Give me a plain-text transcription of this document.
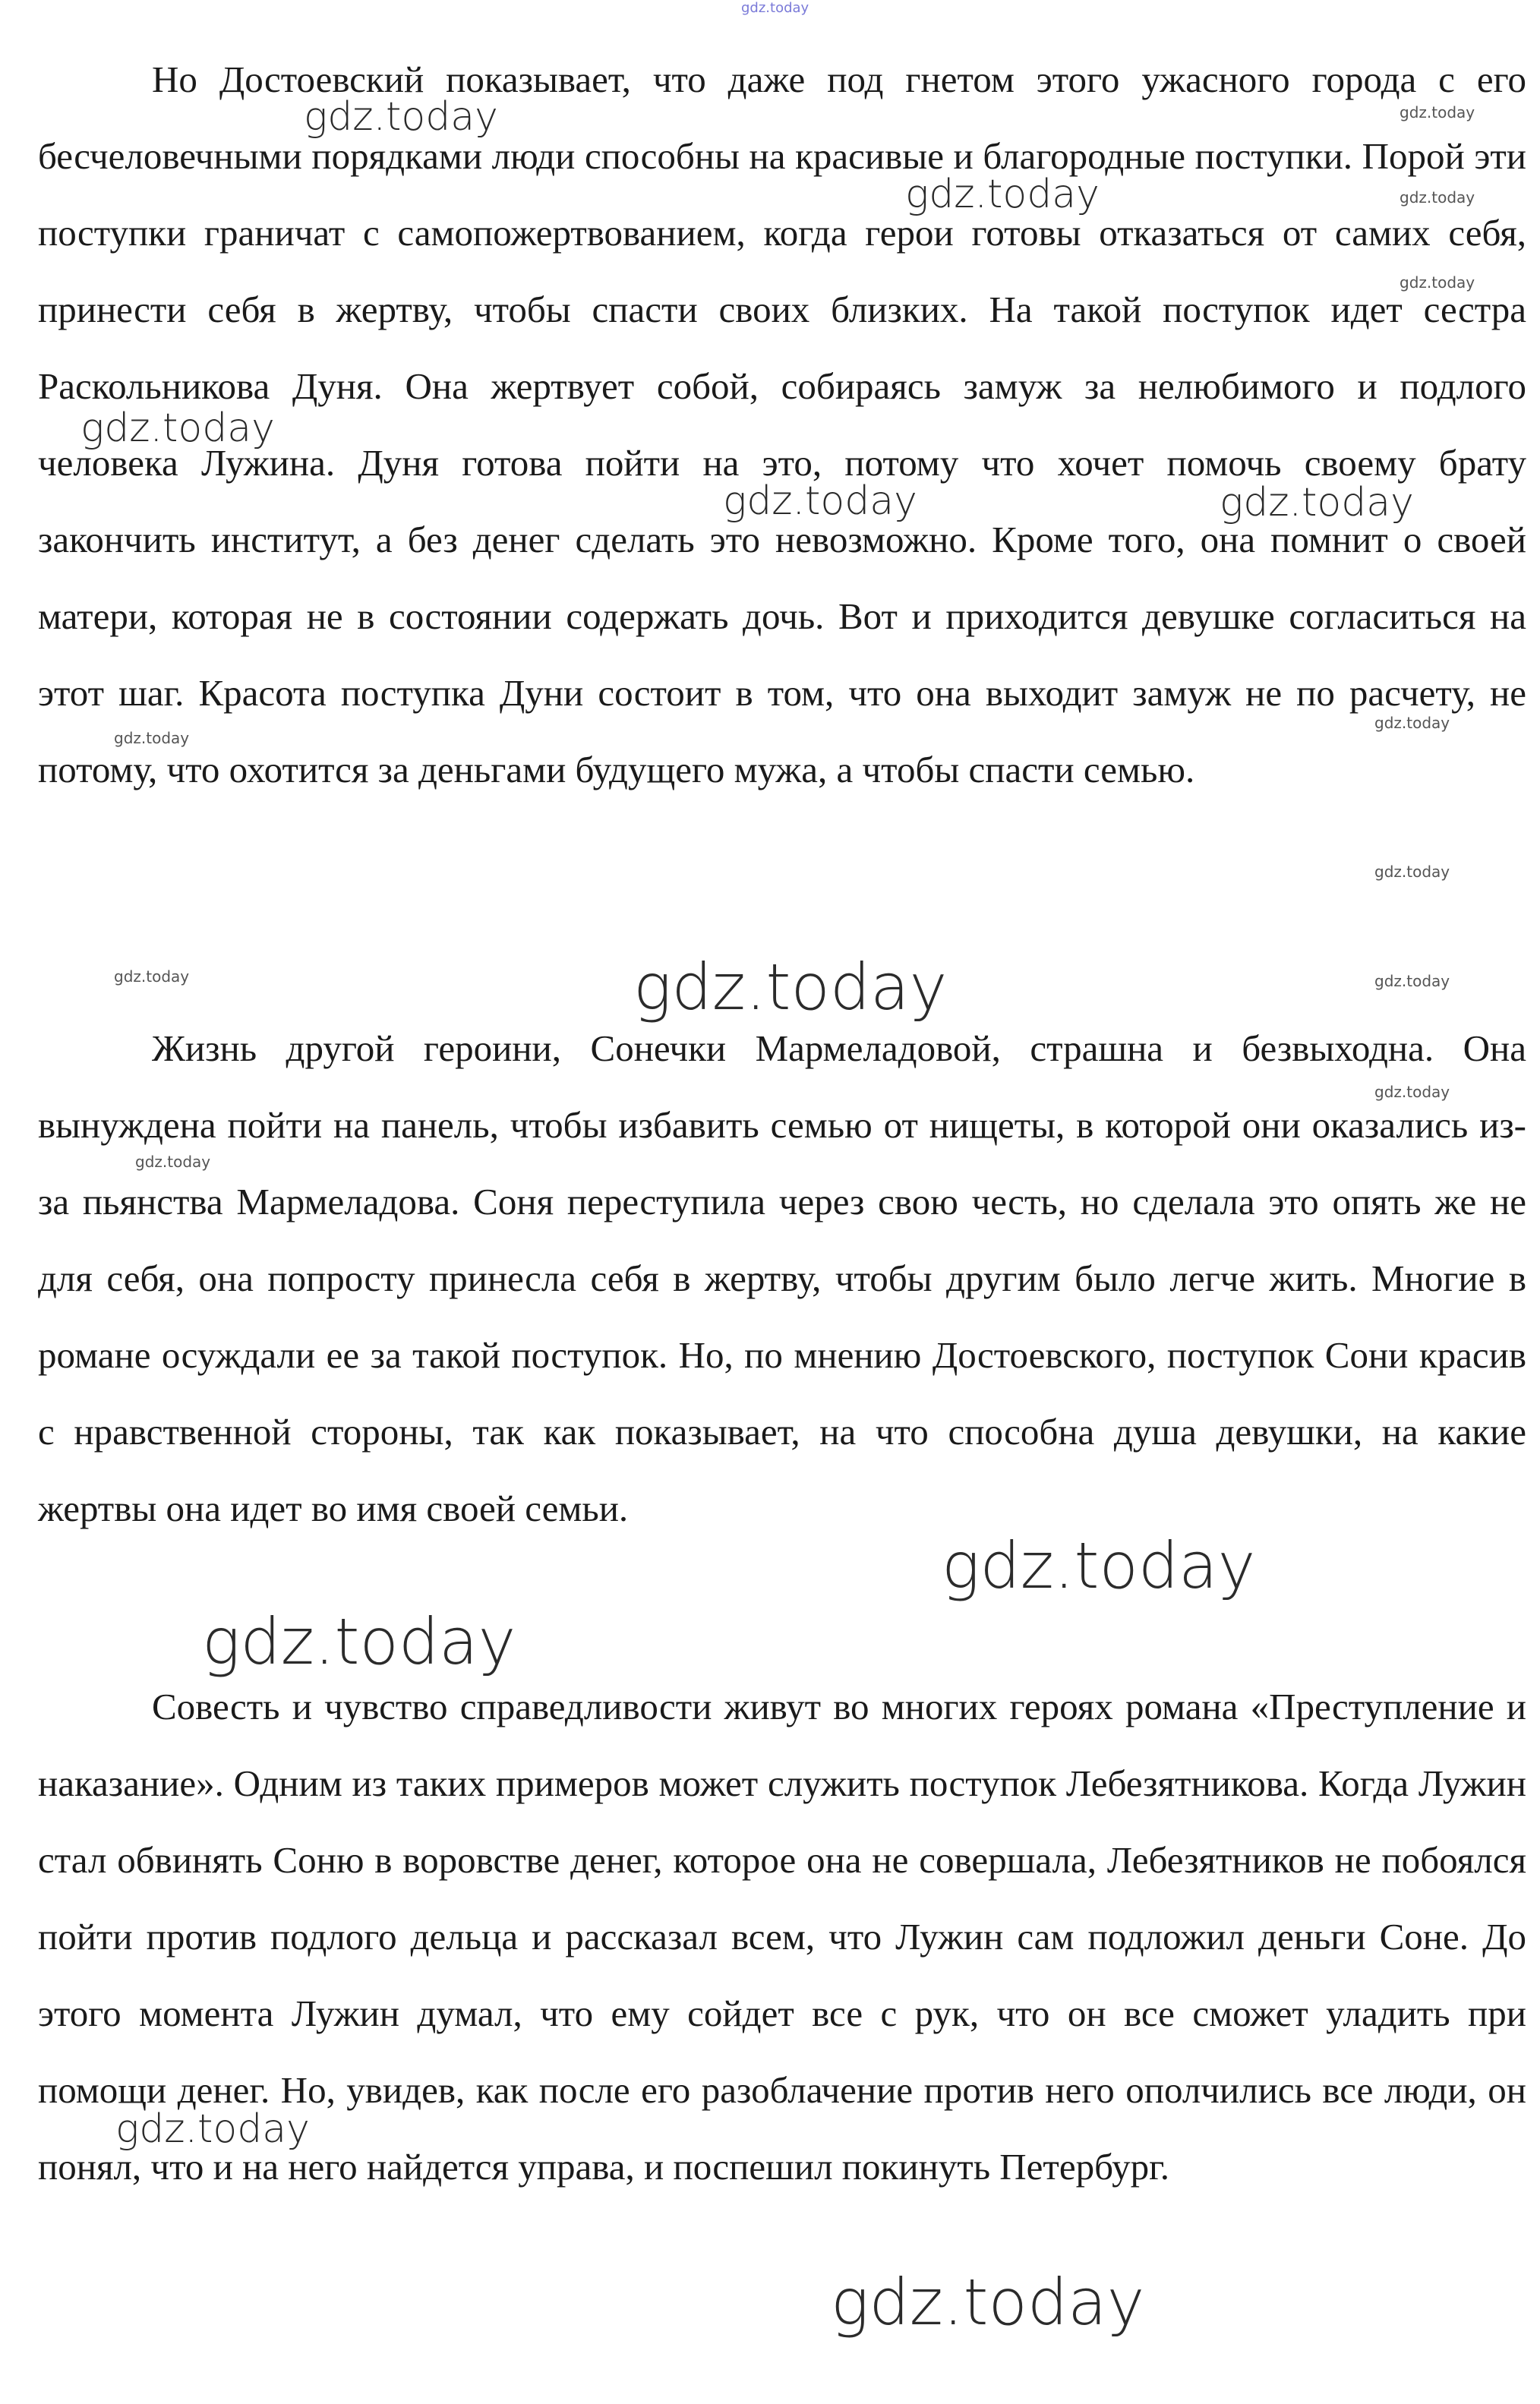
Но Достоевский показывает, что даже под гнетом этого ужасного города с его бесчеловечными порядками люди способны на красивые и благородные поступки. Порой эти поступки граничат с самопожертвованием, когда герои готовы отказаться от самих себя, принести себя в жертву, чтобы спасти своих близких. На такой поступок идет сестра Раскольникова Дуня. Она жертвует собой, собираясь замуж за нелюбимого и подлого человека Лужина. Дуня готова пойти на это, потому что хочет помочь своему брату закончить институт, а без денег сделать это невозможно. Кроме того, она помнит о своей матери, которая не в состоянии содержать дочь. Вот и приходится девушке согласиться на этот шаг. Красота поступка Дуни состоит в том, что она выходит замуж не по расчету, не потому, что охотится за деньгами будущего мужа, а чтобы спасти семью.

Жизнь другой героини, Сонечки Мармеладовой, страшна и безвыходна. Она вынуждена пойти на панель, чтобы избавить семью от нищеты, в которой они оказались из-за пьянства Мармеладова. Соня переступила через свою честь, но сделала это опять же не для себя, она попросту принесла себя в жертву, чтобы другим было легче жить. Многие в романе осуждали ее за такой поступок. Но, по мнению Достоевского, поступок Сони красив с нравственной стороны, так как показывает, на что способна душа девушки, на какие жертвы она идет во имя своей семьи.

Совесть и чувство справедливости живут во многих героях романа «Преступление и наказание». Одним из таких примеров может служить поступок Лебезятникова. Когда Лужин стал обвинять Соню в воровстве денег, которое она не совершала, Лебезятников не побоялся пойти против подлого дельца и рассказал всем, что Лужин сам подложил деньги Соне. До этого момента Лужин думал, что ему сойдет все с рук, что он все сможет уладить при помощи денег. Но, увидев, как после его разоблачение против него ополчились все люди, он понял, что и на него найдется управа, и поспешил покинуть Петербург.

gdz.today
gdz.today	gdz.today
gdz.today	gdz.today
gdz.today
gdz.today
gdz.today	gdz.today
gdz.today
gdz.today
gdz.today
gdz.today	gdz.today	gdz.today
gdz.today
gdz.today
gdz.today
gdz.today
gdz.today
gdz.today
